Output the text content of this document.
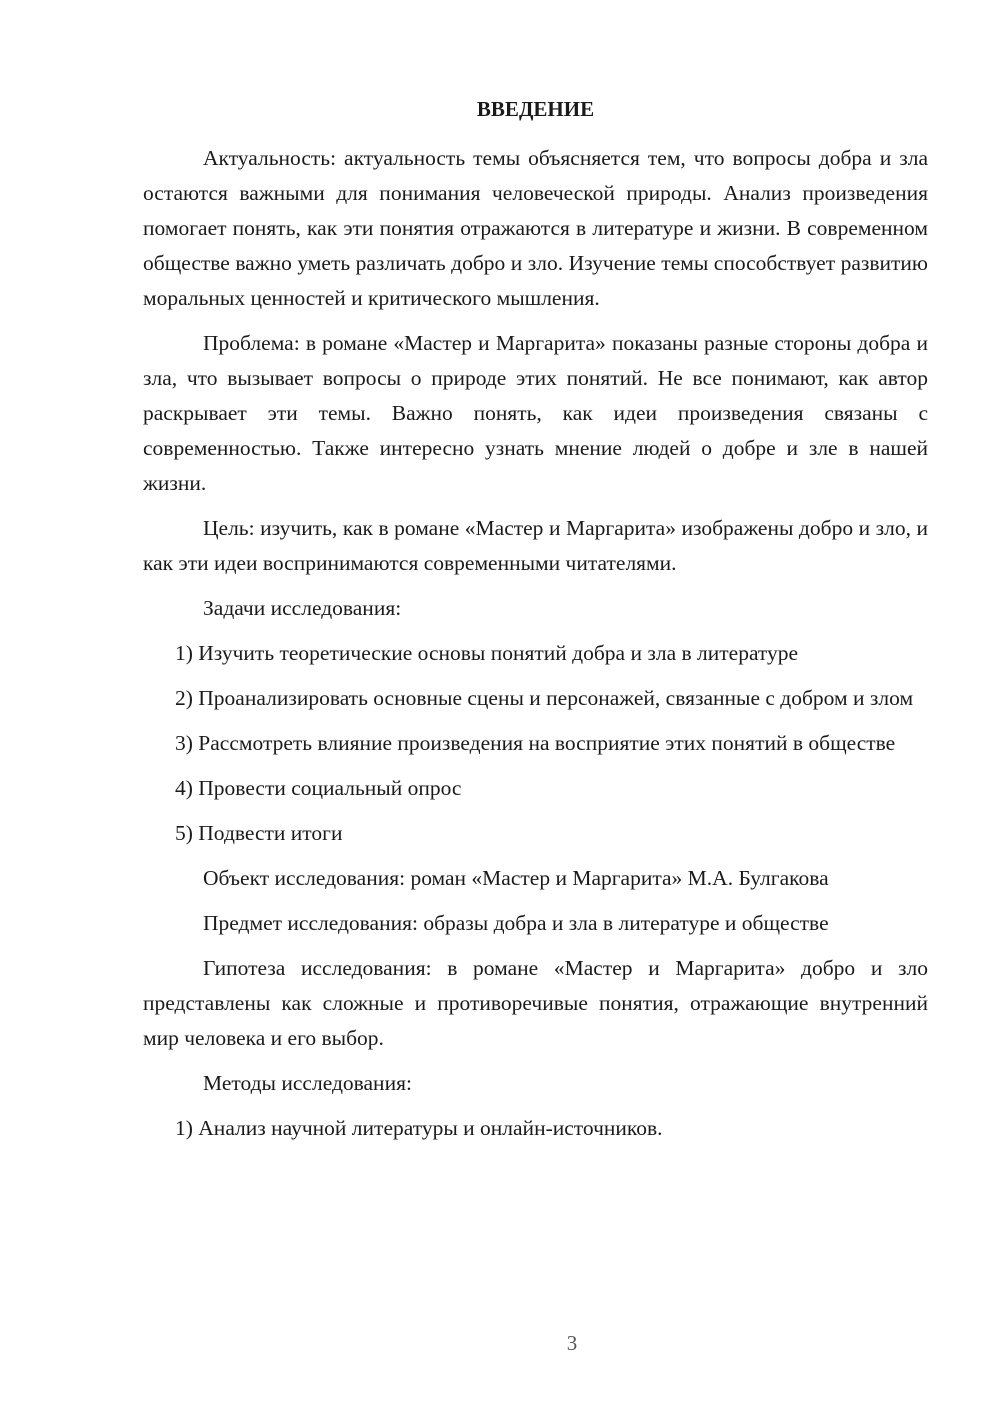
ВВЕДЕНИЕ

Актуальность: актуальность темы объясняется тем, что вопросы добра и зла остаются важными для понимания человеческой природы. Анализ произведения помогает понять, как эти понятия отражаются в литературе и жизни. В современном обществе важно уметь различать добро и зло. Изучение темы способствует развитию моральных ценностей и критического мышления.

Проблема: в романе «Мастер и Маргарита» показаны разные стороны добра и зла, что вызывает вопросы о природе этих понятий. Не все понимают, как автор раскрывает эти темы. Важно понять, как идеи произведения связаны с современностью. Также интересно узнать мнение людей о добре и зле в нашей жизни.

Цель: изучить, как в романе «Мастер и Маргарита» изображены добро и зло, и как эти идеи воспринимаются современными читателями.

Задачи исследования:

1) Изучить теоретические основы понятий добра и зла в литературе

2) Проанализировать основные сцены и персонажей, связанные с добром и злом

3) Рассмотреть влияние произведения на восприятие этих понятий в обществе

4) Провести социальный опрос

5) Подвести итоги

Объект исследования: роман «Мастер и Маргарита» М.А. Булгакова

Предмет исследования: образы добра и зла в литературе и обществе

Гипотеза исследования: в романе «Мастер и Маргарита» добро и зло представлены как сложные и противоречивые понятия, отражающие внутренний мир человека и его выбор.

Методы исследования:

1) Анализ научной литературы и онлайн-источников.

3
